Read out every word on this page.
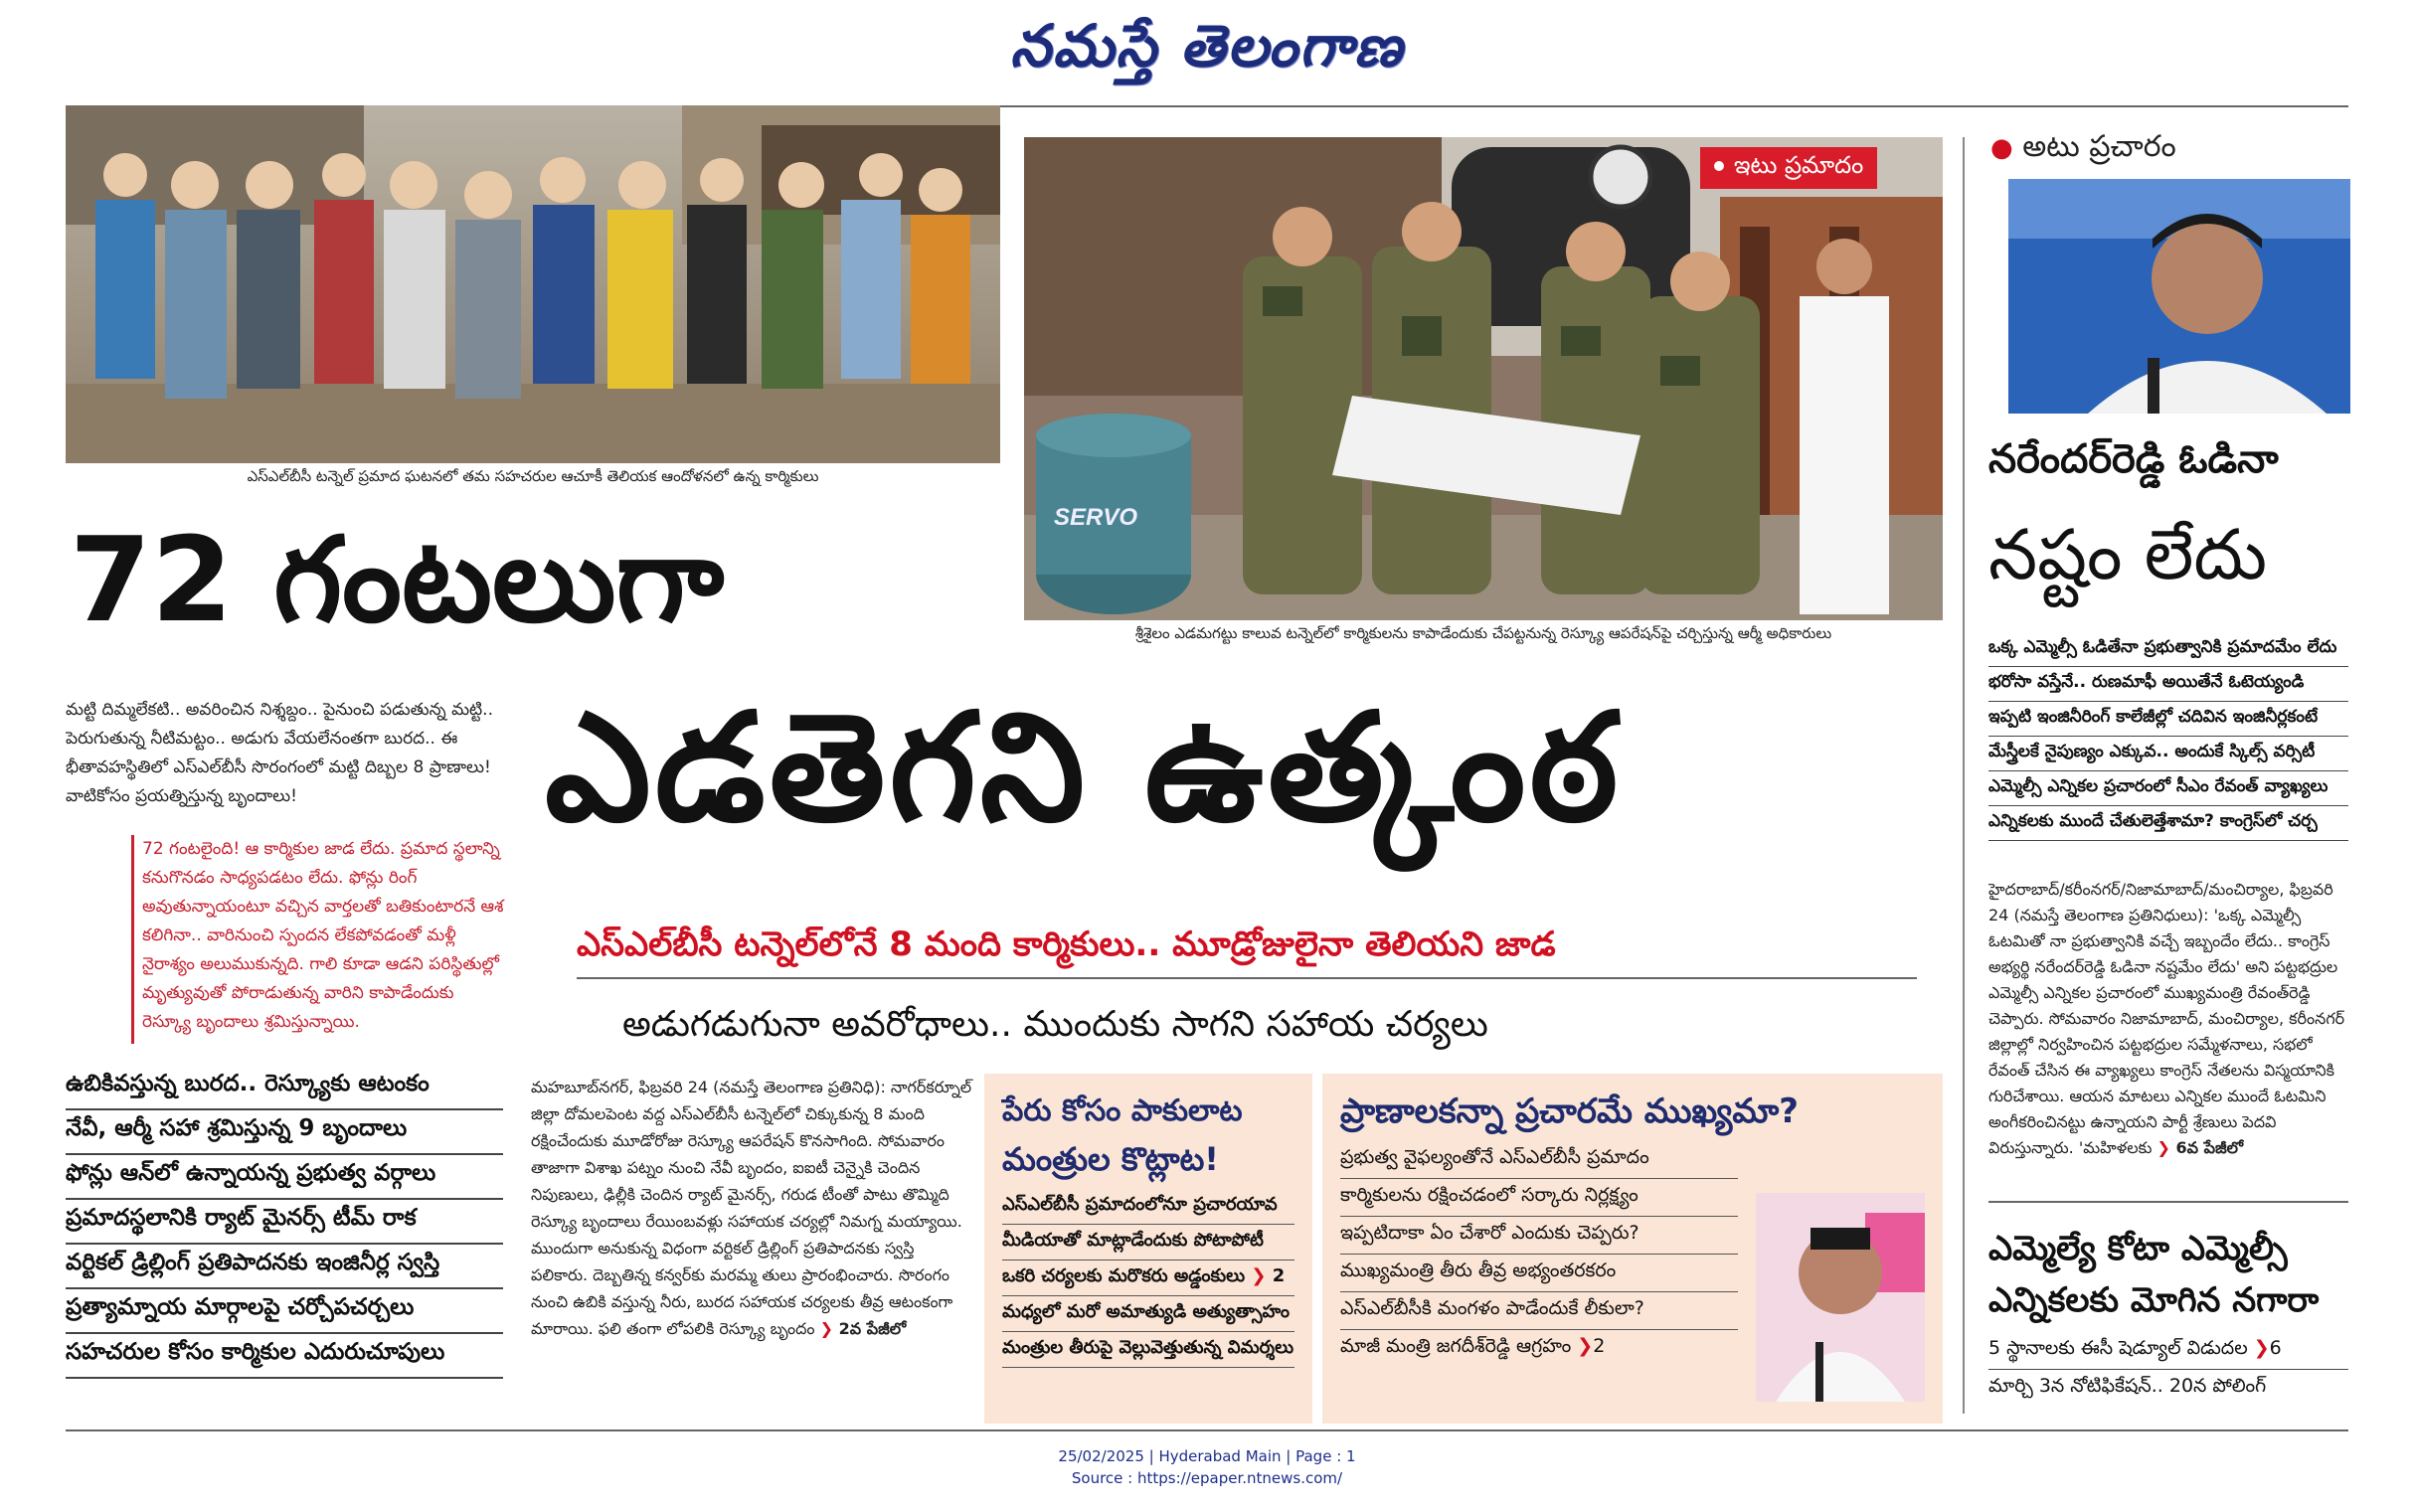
నమస్తే తెలంగాణ
ఎస్‌ఎల్‌బీసీ టన్నెల్ ప్రమాద ఘటనలో తమ సహచరుల ఆచూకీ తెలియక ఆందోళనలో ఉన్న కార్మికులు
SERVO
ఇటు ప్రమాదం
శ్రీశైలం ఎడమగట్టు కాలువ టన్నెల్‌లో కార్మికులను కాపాడేందుకు చేపట్టనున్న రెస్క్యూ ఆపరేషన్‌పై చర్చిస్తున్న ఆర్మీ అధికారులు
72 గంటలుగా
ఎడతెగని ఉత్కంఠ
ఎస్‌ఎల్‌బీసీ టన్నెల్‌లోనే 8 మంది కార్మికులు.. మూడ్రోజులైనా తెలియని జాడ
అడుగడుగునా అవరోధాలు.. ముందుకు సాగని సహాయ చర్యలు
మట్టి దిమ్మలేకటి.. అవరించిన నిశ్శబ్దం.. పైనుంచి పడుతున్న మట్టి.. పెరుగుతున్న నీటిమట్టం.. అడుగు వేయలేనంతగా బురద.. ఈ భీతావహస్థితిలో ఎస్‌ఎల్‌బీసీ సొరంగంలో మట్టి దిబ్బల 8 ప్రాణాలు! వాటికోసం ప్రయత్నిస్తున్న బృందాలు!
72 గంటలైంది! ఆ కార్మికుల జాడ లేదు. ప్రమాద స్థలాన్ని కనుగొనడం సాధ్యపడటం లేదు. ఫోన్లు రింగ్ అవుతున్నాయంటూ వచ్చిన వార్తలతో బతికుంటారనే ఆశ కలిగినా.. వారినుంచి స్పందన లేకపోవడంతో మళ్లీ నైరాశ్యం అలుముకున్నది. గాలి కూడా ఆడని పరిస్థితుల్లో మృత్యువుతో పోరాడుతున్న వారిని కాపాడేందుకు రెస్క్యూ బృందాలు శ్రమిస్తున్నాయి.
ఉబికివస్తున్న బురద.. రెస్క్యూకు ఆటంకం
నేవీ, ఆర్మీ సహా శ్రమిస్తున్న 9 బృందాలు
ఫోన్లు ఆన్‌లో ఉన్నాయన్న ప్రభుత్వ వర్గాలు
ప్రమాదస్థలానికి ర్యాట్ మైనర్స్ టీమ్ రాక
వర్టికల్ డ్రిల్లింగ్ ప్రతిపాదనకు ఇంజినీర్ల స్వస్తి
ప్రత్యామ్నాయ మార్గాలపై చర్చోపచర్చలు
సహచరుల కోసం కార్మికుల ఎదురుచూపులు
మహబూబ్‌నగర్, ఫిబ్రవరి 24 (నమస్తే తెలంగాణ ప్రతినిధి): నాగర్‌కర్నూల్ జిల్లా దోమలపెంట వద్ద ఎస్‌ఎల్‌బీసీ టన్నెల్‌లో చిక్కుకున్న 8 మంది రక్షించేందుకు మూడోరోజు రెస్క్యూ ఆపరేషన్ కొనసాగింది. సోమవారం తాజాగా విశాఖ పట్నం నుంచి నేవీ బృందం, ఐఐటీ చెన్నైకి చెందిన నిపుణులు, ఢిల్లీకి చెందిన ర్యాట్ మైనర్స్, గరుడ టీంతో పాటు తొమ్మిది రెస్క్యూ బృందాలు రేయింబవళ్లు సహాయక చర్యల్లో నిమగ్న మయ్యాయి. ముందుగా అనుకున్న విధంగా వర్టికల్ డ్రిల్లింగ్ ప్రతిపాదనకు స్వస్తి పలికారు. దెబ్బతిన్న కన్వర్‌కు మరమ్మ తులు ప్రారంభించారు. సొరంగం నుంచి ఉబికి వస్తున్న నీరు, బురద సహాయక చర్యలకు తీవ్ర ఆటంకంగా మారాయి. ఫలి తంగా లోపలికి రెస్క్యూ బృందం ❯ 2వ పేజీలో
పేరు కోసం పాకులాట
మంత్రుల కొట్లాట!
ఎస్‌ఎల్‌బీసీ ప్రమాదంలోనూ ప్రచారయావ
మీడియాతో మాట్లాడేందుకు పోటాపోటీ
ఒకరి చర్యలకు మరొకరు అడ్డంకులు ❯ 2
మధ్యలో మరో అమాత్యుడి అత్యుత్సాహం
మంత్రుల తీరుపై వెల్లువెత్తుతున్న విమర్శలు
ప్రాణాలకన్నా ప్రచారమే ముఖ్యమా?
ప్రభుత్వ వైఫల్యంతోనే ఎస్‌ఎల్‌బీసీ ప్రమాదం
కార్మికులను రక్షించడంలో సర్కారు నిర్లక్ష్యం
ఇప్పటిదాకా ఏం చేశారో ఎందుకు చెప్పరు?
ముఖ్యమంత్రి తీరు తీవ్ర అభ్యంతరకరం
ఎస్‌ఎల్‌బీసీకి మంగళం పాడేందుకే లీకులా?
మాజీ మంత్రి జగదీశ్‌రెడ్డి ఆగ్రహం ❯2
● అటు ప్రచారం
నరేందర్‌రెడ్డి ఓడినా
నష్టం లేదు
ఒక్క ఎమ్మెల్సీ ఓడితేనా ప్రభుత్వానికి ప్రమాదమేం లేదు
భరోసా వస్తేనే.. రుణమాఫీ అయితేనే ఓటెయ్యండి
ఇప్పటి ఇంజినీరింగ్ కాలేజీల్లో చదివిన ఇంజినీర్లకంటే
మేస్త్రీలకే నైపుణ్యం ఎక్కువ.. అందుకే స్కిల్స్ వర్సిటీ
ఎమ్మెల్సీ ఎన్నికల ప్రచారంలో సీఎం రేవంత్ వ్యాఖ్యలు
ఎన్నికలకు ముందే చేతులెత్తేశామా? కాంగ్రెస్‌లో చర్చ
హైదరాబాద్/కరీంనగర్/నిజామాబాద్/మంచిర్యాల, ఫిబ్రవరి 24 (నమస్తే తెలంగాణ ప్రతినిధులు): 'ఒక్క ఎమ్మెల్సీ ఓటమితో నా ప్రభుత్వానికి వచ్చే ఇబ్బందేం లేదు.. కాంగ్రెస్ అభ్యర్థి నరేందర్‌రెడ్డి ఓడినా నష్టమేం లేదు' అని పట్టభద్రుల ఎమ్మెల్సీ ఎన్నికల ప్రచారంలో ముఖ్యమంత్రి రేవంత్‌రెడ్డి చెప్పారు. సోమవారం నిజామాబాద్, మంచిర్యాల, కరీంనగర్ జిల్లాల్లో నిర్వహించిన పట్టభద్రుల సమ్మేళనాలు, సభలో రేవంత్ చేసిన ఈ వ్యాఖ్యలు కాంగ్రెస్ నేతలను విస్మయానికి గురిచేశాయి. ఆయన మాటలు ఎన్నికల ముందే ఓటమిని అంగీకరించినట్టు ఉన్నాయని పార్టీ శ్రేణులు పెదవి విరుస్తున్నారు. 'మహిళలకు ❯ 6వ పేజీలో
ఎమ్మెల్యే కోటా ఎమ్మెల్సీ
ఎన్నికలకు మోగిన నగారా
5 స్థానాలకు ఈసీ షెడ్యూల్ విడుదల ❯6
మార్చి 3న నోటిఫికేషన్.. 20న పోలింగ్
25/02/2025 | Hyderabad Main | Page : 1
Source : https://epaper.ntnews.com/
